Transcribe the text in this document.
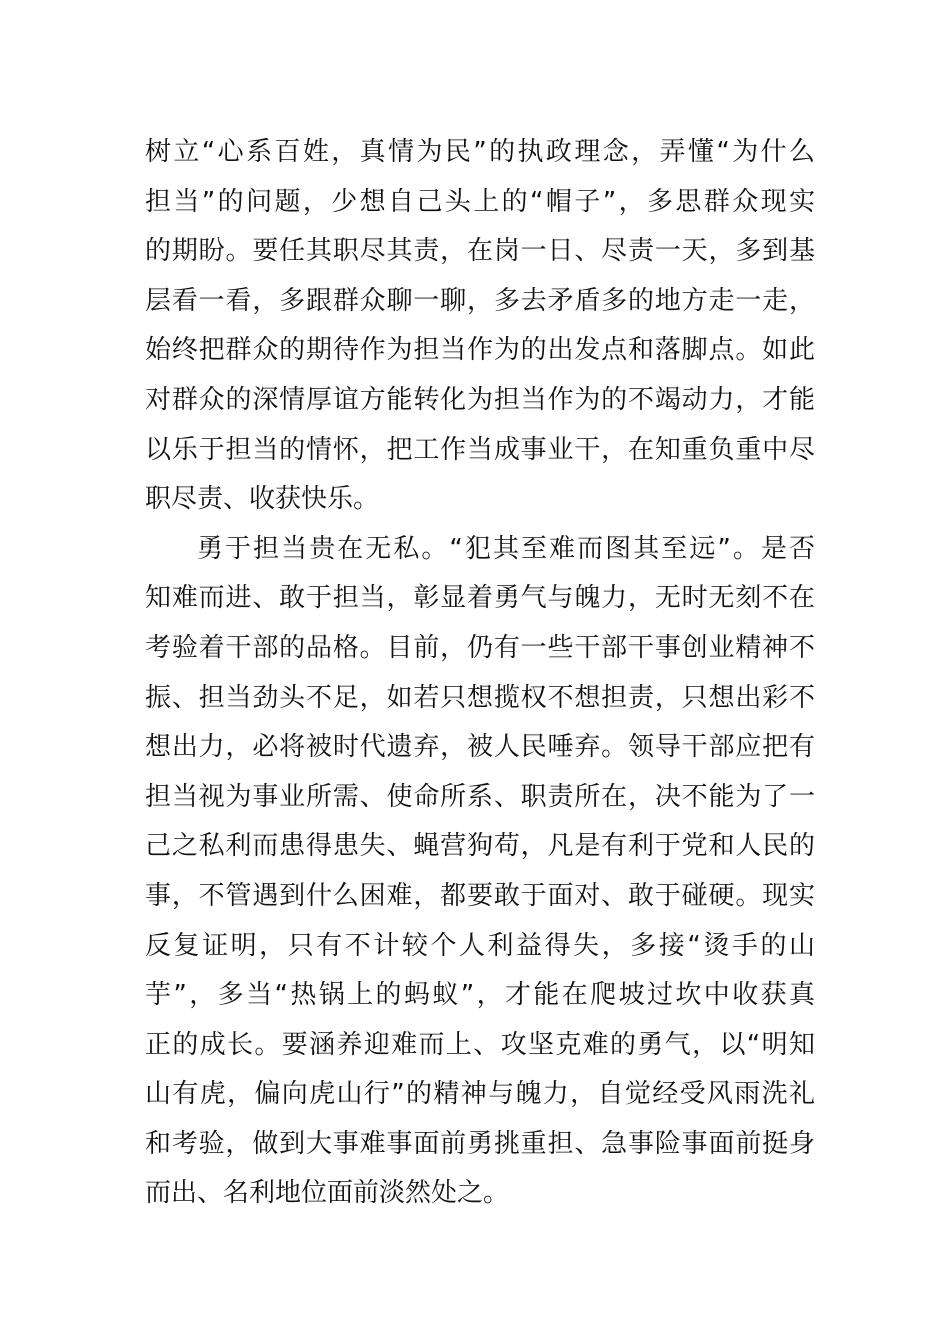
树立“心系百姓，真情为民”的执政理念，弄懂“为什么
担当”的问题，少想自己头上的“帽子”，多思群众现实
的期盼。要任其职尽其责，在岗一日、尽责一天，多到基
层看一看，多跟群众聊一聊，多去矛盾多的地方走一走，
始终把群众的期待作为担当作为的出发点和落脚点。如此
对群众的深情厚谊方能转化为担当作为的不竭动力，才能
以乐于担当的情怀，把工作当成事业干，在知重负重中尽
职尽责、收获快乐。
勇于担当贵在无私。“犯其至难而图其至远”。是否
知难而进、敢于担当，彰显着勇气与魄力，无时无刻不在
考验着干部的品格。目前，仍有一些干部干事创业精神不
振、担当劲头不足，如若只想揽权不想担责，只想出彩不
想出力，必将被时代遗弃，被人民唾弃。领导干部应把有
担当视为事业所需、使命所系、职责所在，决不能为了一
己之私利而患得患失、蝇营狗苟，凡是有利于党和人民的
事，不管遇到什么困难，都要敢于面对、敢于碰硬。现实
反复证明，只有不计较个人利益得失，多接“烫手的山
芋”，多当“热锅上的蚂蚁”，才能在爬坡过坎中收获真
正的成长。要涵养迎难而上、攻坚克难的勇气，以“明知
山有虎，偏向虎山行”的精神与魄力，自觉经受风雨洗礼
和考验，做到大事难事面前勇挑重担、急事险事面前挺身
而出、名利地位面前淡然处之。
